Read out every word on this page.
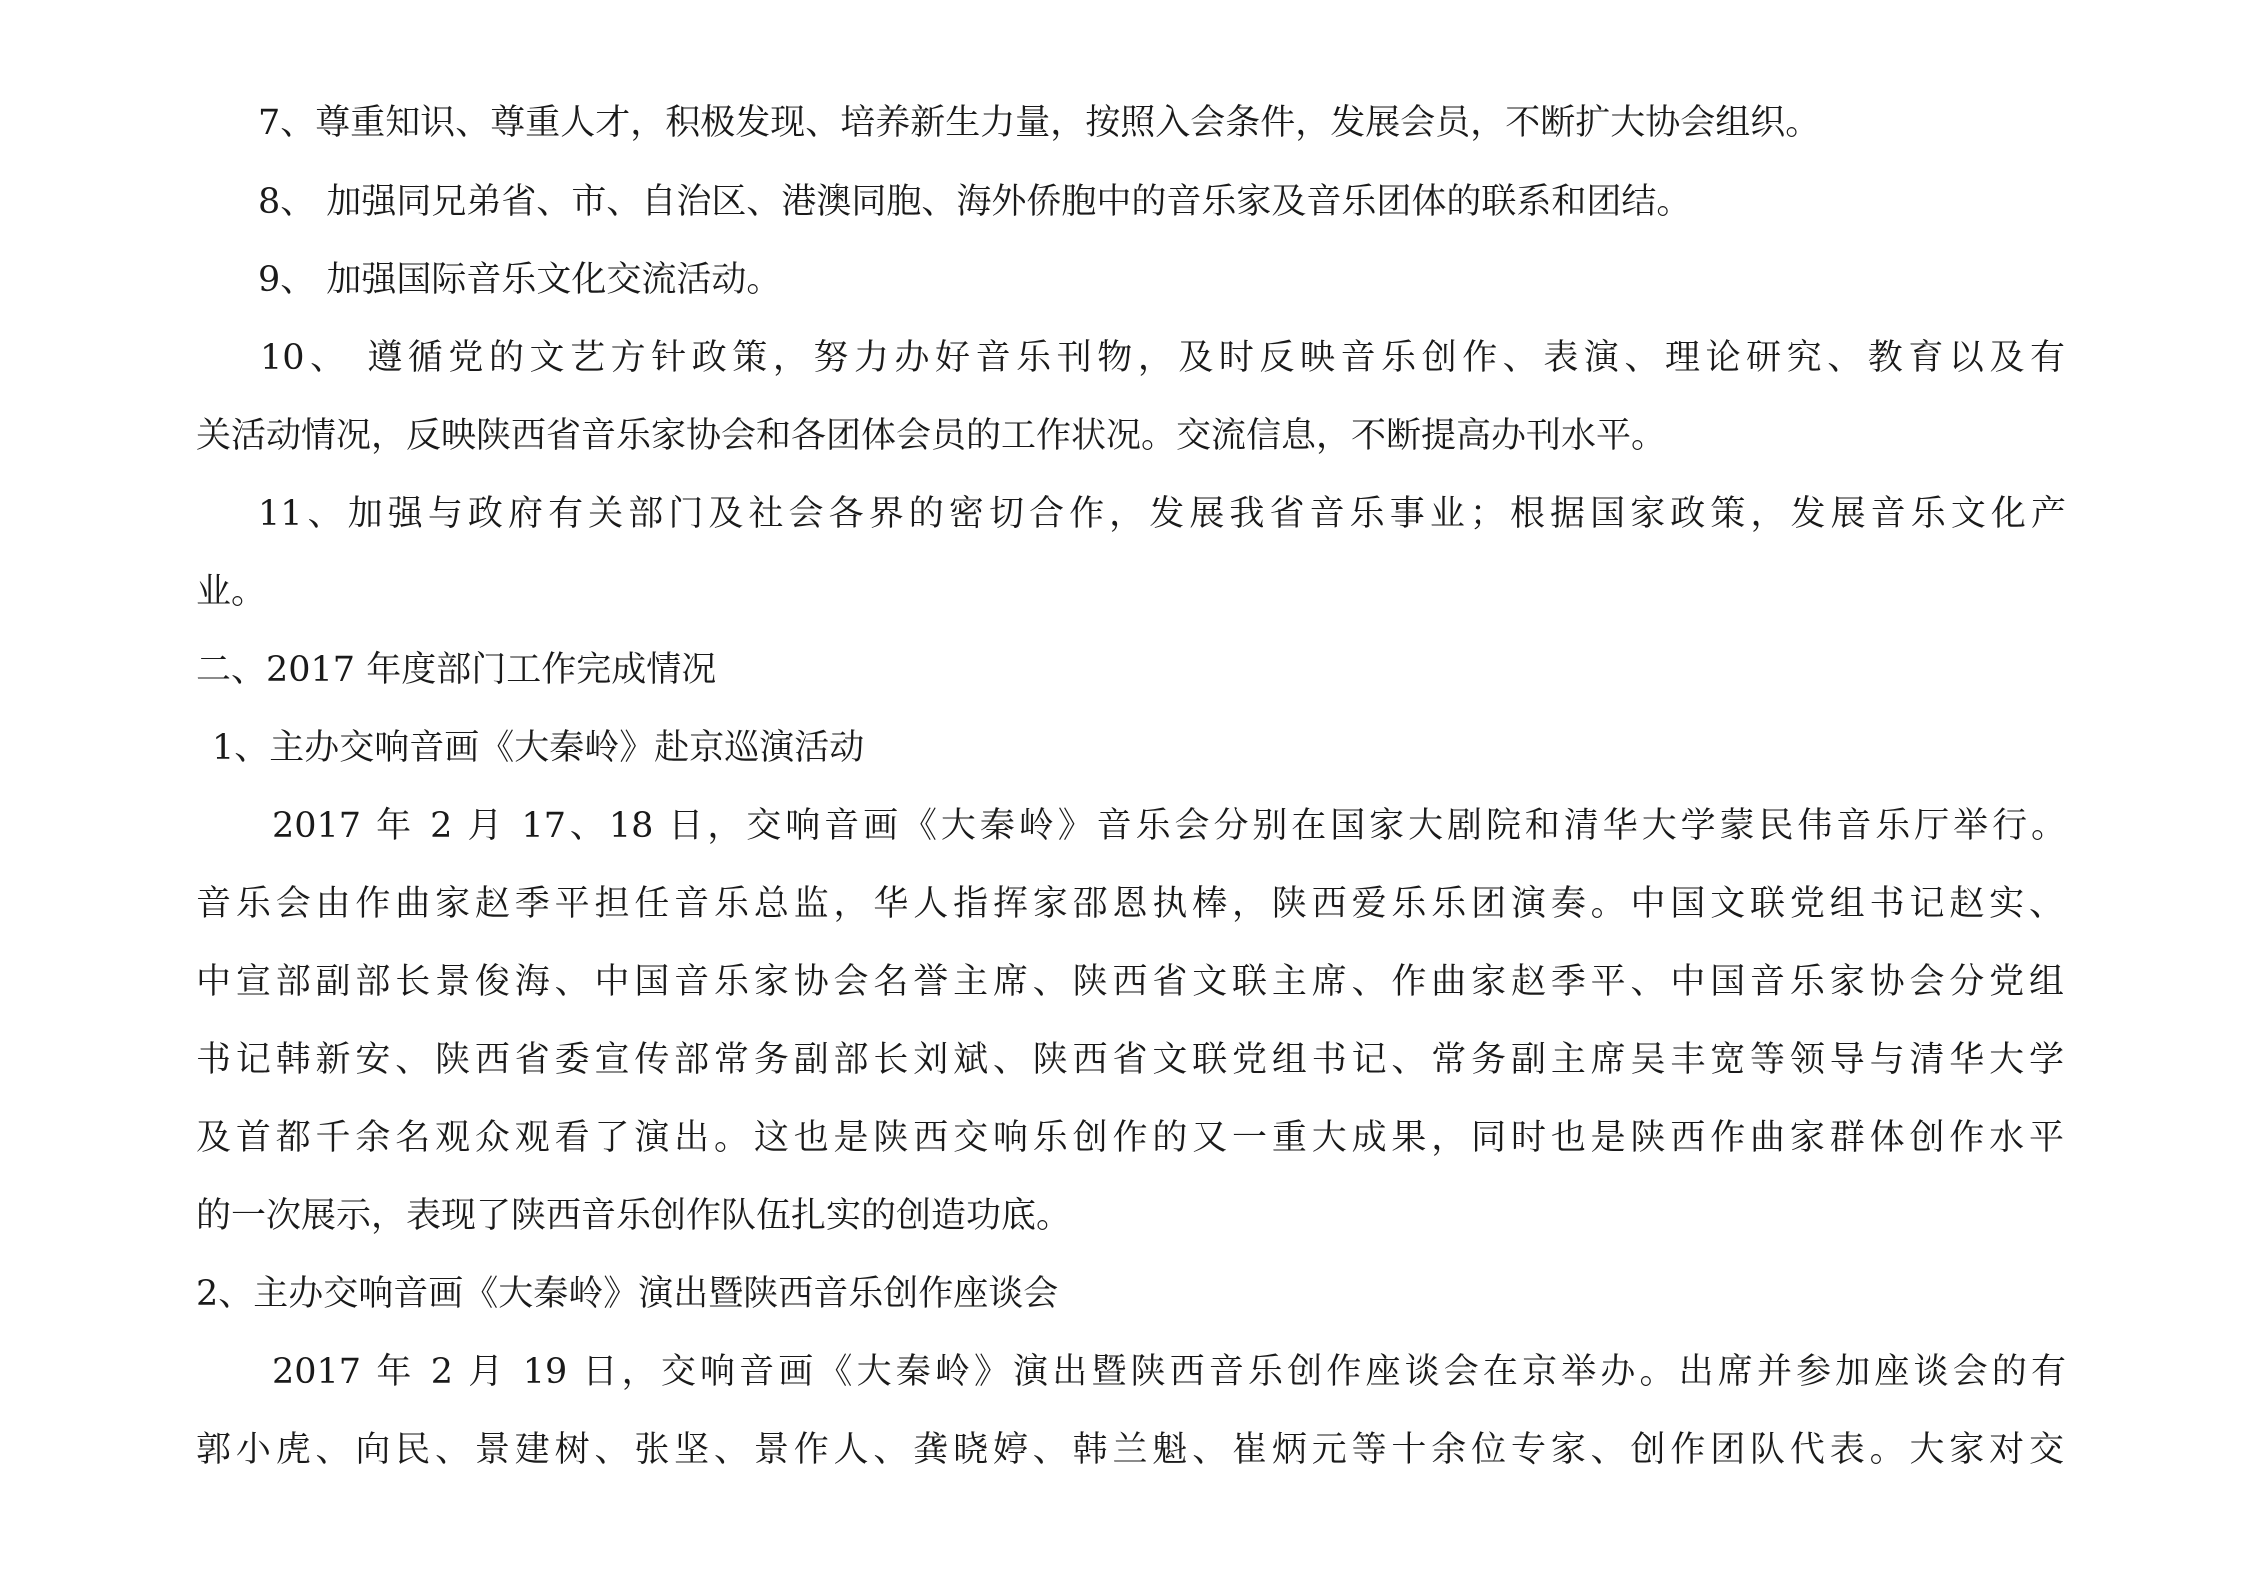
7、尊重知识、尊重人才，积极发现、培养新生力量，按照入会条件，发展会员，不断扩大协会组织。
8、 加强同兄弟省、市、自治区、港澳同胞、海外侨胞中的音乐家及音乐团体的联系和团结。
9、 加强国际音乐文化交流活动。
10、 遵循党的文艺方针政策，努力办好音乐刊物，及时反映音乐创作、表演、理论研究、教育以及有
关活动情况，反映陕西省音乐家协会和各团体会员的工作状况。交流信息，不断提高办刊水平。
11、加强与政府有关部门及社会各界的密切合作，发展我省音乐事业；根据国家政策，发展音乐文化产
业。
二、2017 年度部门工作完成情况
1、主办交响音画《大秦岭》赴京巡演活动
2017 年 2 月 17、18 日，交响音画《大秦岭》音乐会分别在国家大剧院和清华大学蒙民伟音乐厅举行。
音乐会由作曲家赵季平担任音乐总监，华人指挥家邵恩执棒，陕西爱乐乐团演奏。中国文联党组书记赵实、
中宣部副部长景俊海、中国音乐家协会名誉主席、陕西省文联主席、作曲家赵季平、中国音乐家协会分党组
书记韩新安、陕西省委宣传部常务副部长刘斌、陕西省文联党组书记、常务副主席吴丰宽等领导与清华大学
及首都千余名观众观看了演出。这也是陕西交响乐创作的又一重大成果，同时也是陕西作曲家群体创作水平
的一次展示，表现了陕西音乐创作队伍扎实的创造功底。
2、主办交响音画《大秦岭》演出暨陕西音乐创作座谈会
2017 年 2 月 19 日，交响音画《大秦岭》演出暨陕西音乐创作座谈会在京举办。出席并参加座谈会的有
郭小虎、向民、景建树、张坚、景作人、龚晓婷、韩兰魁、崔炳元等十余位专家、创作团队代表。大家对交
